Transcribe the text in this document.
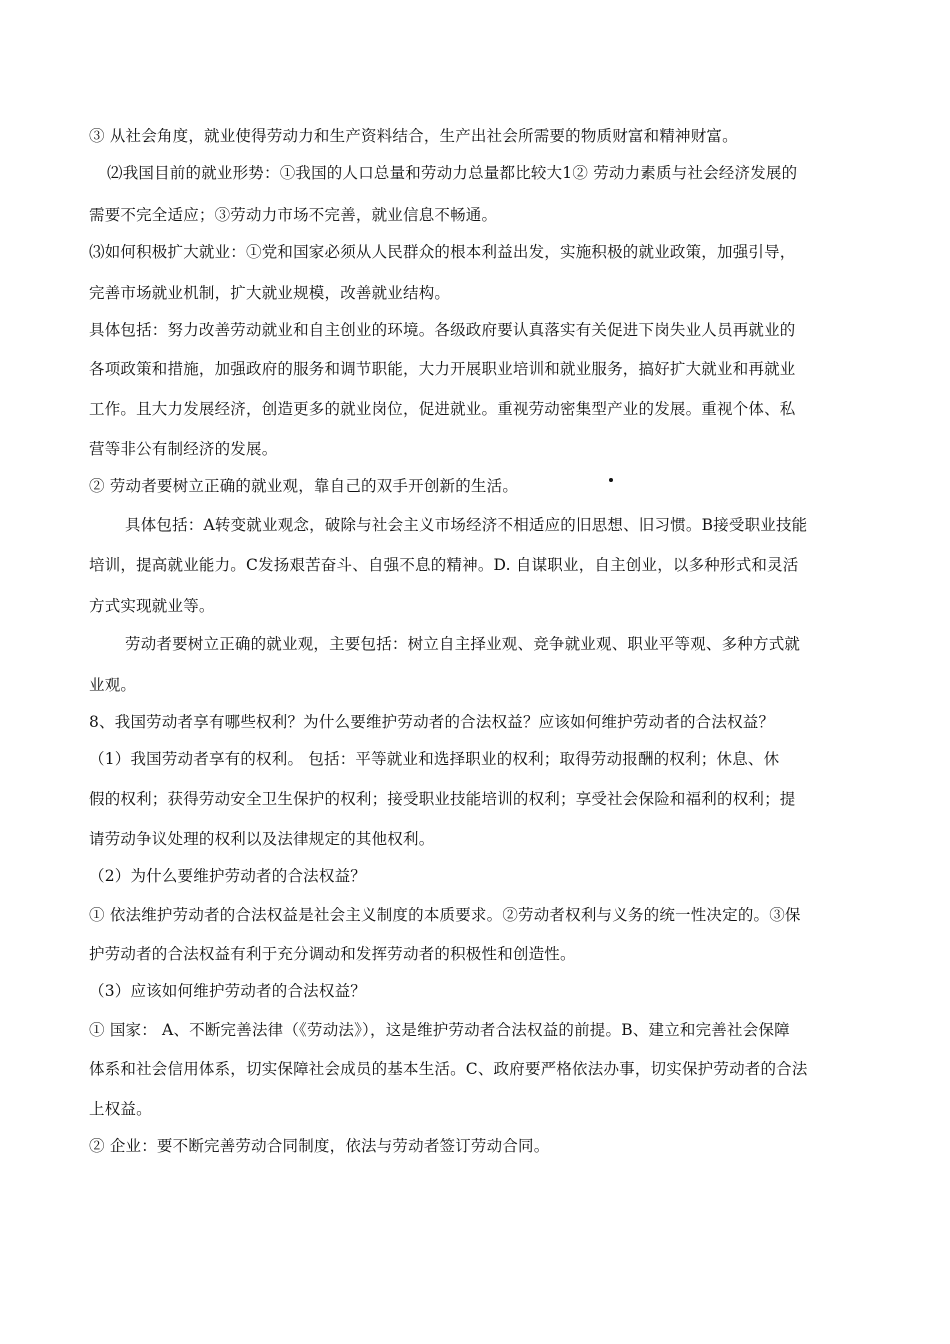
③ 从社会角度，就业使得劳动力和生产资料结合，生产出社会所需要的物质财富和精神财富。
⑵我国目前的就业形势：①我国的人口总量和劳动力总量都比较大1② 劳动力素质与社会经济发展的
需要不完全适应；③劳动力市场不完善，就业信息不畅通。
⑶如何积极扩大就业：①党和国家必须从人民群众的根本利益出发，实施积极的就业政策，加强引导，
完善市场就业机制，扩大就业规模，改善就业结构。
具体包括：努力改善劳动就业和自主创业的环境。各级政府要认真落实有关促进下岗失业人员再就业的
各项政策和措施，加强政府的服务和调节职能，大力开展职业培训和就业服务，搞好扩大就业和再就业
工作。且大力发展经济，创造更多的就业岗位，促进就业。重视劳动密集型产业的发展。重视个体、私
营等非公有制经济的发展。
② 劳动者要树立正确的就业观，靠自己的双手开创新的生活。
具体包括：A转变就业观念，破除与社会主义市场经济不相适应的旧思想、旧习惯。B接受职业技能
培训，提高就业能力。C发扬艰苦奋斗、自强不息的精神。D. 自谋职业，自主创业，以多种形式和灵活
方式实现就业等。
劳动者要树立正确的就业观，主要包括：树立自主择业观、竞争就业观、职业平等观、多种方式就
业观。
8、我国劳动者享有哪些权利？为什么要维护劳动者的合法权益？应该如何维护劳动者的合法权益？
（1）我国劳动者享有的权利。 包括：平等就业和选择职业的权利；取得劳动报酬的权利；休息、休
假的权利；获得劳动安全卫生保护的权利；接受职业技能培训的权利；享受社会保险和福利的权利；提
请劳动争议处理的权利以及法律规定的其他权利。
（2）为什么要维护劳动者的合法权益？
① 依法维护劳动者的合法权益是社会主义制度的本质要求。②劳动者权利与义务的统一性决定的。③保
护劳动者的合法权益有利于充分调动和发挥劳动者的积极性和创造性。
（3）应该如何维护劳动者的合法权益？
① 国家： A、不断完善法律（《劳动法》），这是维护劳动者合法权益的前提。B、建立和完善社会保障
体系和社会信用体系，切实保障社会成员的基本生活。C、政府要严格依法办事，切实保护劳动者的合法
上权益。
② 企业：要不断完善劳动合同制度，依法与劳动者签订劳动合同。
